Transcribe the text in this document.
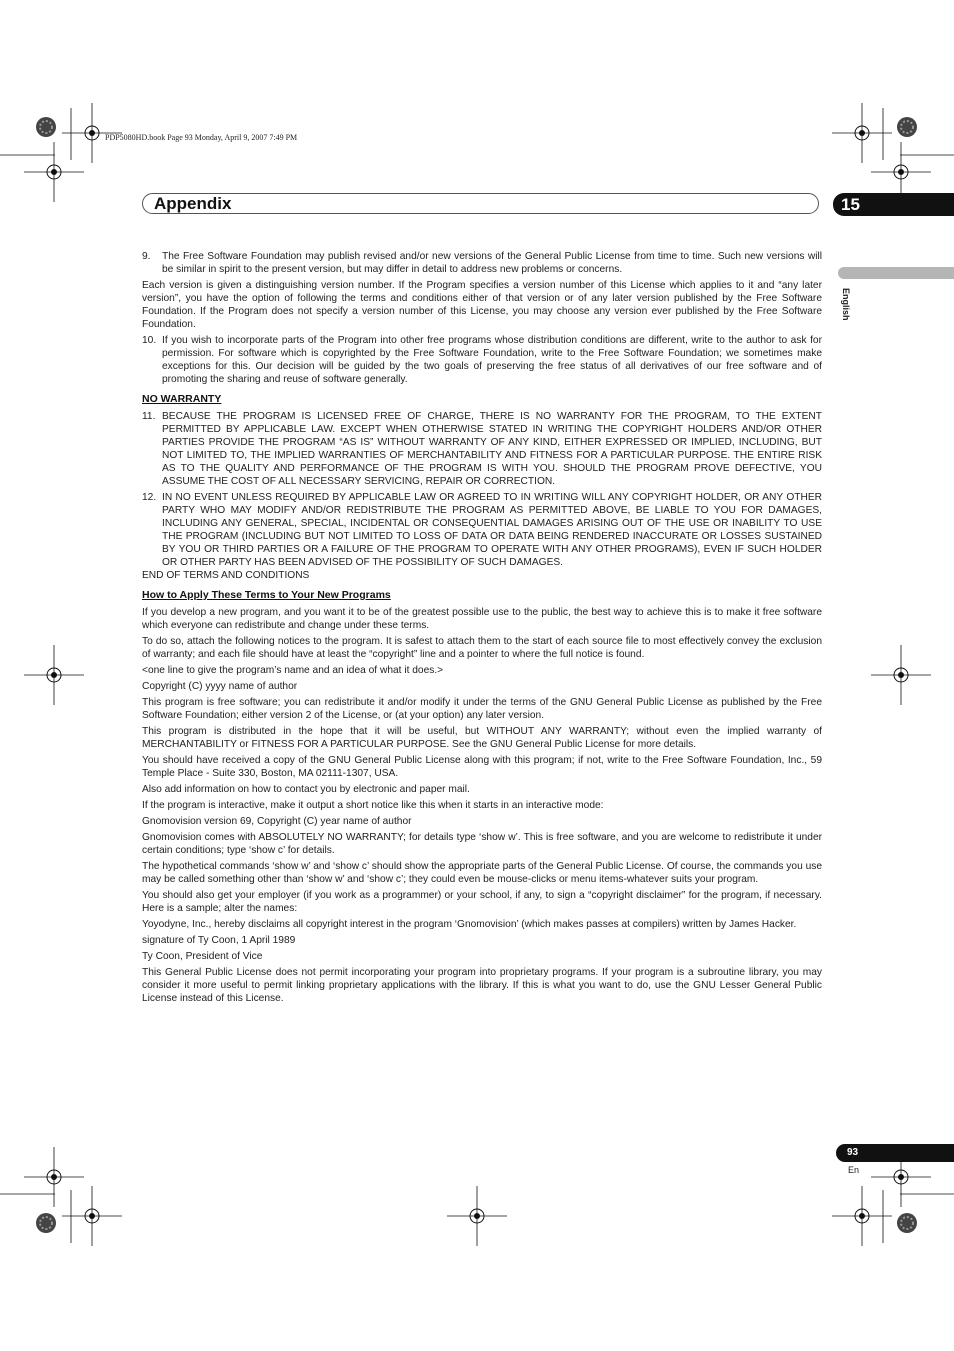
PDP5080HD.book Page 93 Monday, April 9, 2007 7:49 PM
Appendix	15
English
93
En
9.	The Free Software Foundation may publish revised and/or new versions of the General Public License from time to time. Such new versions will be similar in spirit to the present version, but may differ in detail to address new problems or concerns.

Each version is given a distinguishing version number. If the Program specifies a version number of this License which applies to it and “any later version”, you have the option of following the terms and conditions either of that version or of any later version published by the Free Software Foundation. If the Program does not specify a version number of this License, you may choose any version ever published by the Free Software Foundation.

10. If you wish to incorporate parts of the Program into other free programs whose distribution conditions are different, write to the author to ask for permission. For software which is copyrighted by the Free Software Foundation, write to the Free Software Foundation; we sometimes make exceptions for this. Our decision will be guided by the two goals of preserving the free status of all derivatives of our free software and of promoting the sharing and reuse of software generally.
NO WARRANTY
11. BECAUSE THE PROGRAM IS LICENSED FREE OF CHARGE, THERE IS NO WARRANTY FOR THE PROGRAM, TO THE EXTENT PERMITTED BY APPLICABLE LAW. EXCEPT WHEN OTHERWISE STATED IN WRITING THE COPYRIGHT HOLDERS AND/OR OTHER PARTIES PROVIDE THE PROGRAM “AS IS” WITHOUT WARRANTY OF ANY KIND, EITHER EXPRESSED OR IMPLIED, INCLUDING, BUT NOT LIMITED TO, THE IMPLIED WARRANTIES OF MERCHANTABILITY AND FITNESS FOR A PARTICULAR PURPOSE. THE ENTIRE RISK AS TO THE QUALITY AND PERFORMANCE OF THE PROGRAM IS WITH YOU. SHOULD THE PROGRAM PROVE DEFECTIVE, YOU ASSUME THE COST OF ALL NECESSARY SERVICING, REPAIR OR CORRECTION.
12. IN NO EVENT UNLESS REQUIRED BY APPLICABLE LAW OR AGREED TO IN WRITING WILL ANY COPYRIGHT HOLDER, OR ANY OTHER PARTY WHO MAY MODIFY AND/OR REDISTRIBUTE THE PROGRAM AS PERMITTED ABOVE, BE LIABLE TO YOU FOR DAMAGES, INCLUDING ANY GENERAL, SPECIAL, INCIDENTAL OR CONSEQUENTIAL DAMAGES ARISING OUT OF THE USE OR INABILITY TO USE THE PROGRAM (INCLUDING BUT NOT LIMITED TO LOSS OF DATA OR DATA BEING RENDERED INACCURATE OR LOSSES SUSTAINED BY YOU OR THIRD PARTIES OR A FAILURE OF THE PROGRAM TO OPERATE WITH ANY OTHER PROGRAMS), EVEN IF SUCH HOLDER OR OTHER PARTY HAS BEEN ADVISED OF THE POSSIBILITY OF SUCH DAMAGES.

END OF TERMS AND CONDITIONS

How to Apply These Terms to Your New Programs

If you develop a new program, and you want it to be of the greatest possible use to the public, the best way to achieve this is to make it free software which everyone can redistribute and change under these terms.

To do so, attach the following notices to the program. It is safest to attach them to the start of each source file to most effectively convey the exclusion of warranty; and each file should have at least the “copyright” line and a pointer to where the full notice is found.

<one line to give the program’s name and an idea of what it does.>

Copyright (C) yyyy name of author

This program is free software; you can redistribute it and/or modify it under the terms of the GNU General Public License as published by the Free Software Foundation; either version 2 of the License, or (at your option) any later version.

This program is distributed in the hope that it will be useful, but WITHOUT ANY WARRANTY; without even the implied warranty of MERCHANTABILITY or FITNESS FOR A PARTICULAR PURPOSE. See the GNU General Public License for more details.

You should have received a copy of the GNU General Public License along with this program; if not, write to the Free Software Foundation, Inc., 59 Temple Place - Suite 330, Boston, MA 02111-1307, USA.

Also add information on how to contact you by electronic and paper mail.

If the program is interactive, make it output a short notice like this when it starts in an interactive mode:

Gnomovision version 69, Copyright (C) year name of author

Gnomovision comes with ABSOLUTELY NO WARRANTY; for details type ‘show w’. This is free software, and you are welcome to redistribute it under certain conditions; type ‘show c’ for details.

The hypothetical commands ‘show w’ and ‘show c’ should show the appropriate parts of the General Public License. Of course, the commands you use may be called something other than ‘show w’ and ‘show c’; they could even be mouse-clicks or menu items-whatever suits your program.

You should also get your employer (if you work as a programmer) or your school, if any, to sign a “copyright disclaimer” for the program, if necessary. Here is a sample; alter the names:

Yoyodyne, Inc., hereby disclaims all copyright interest in the program ‘Gnomovision’ (which makes passes at compilers) written by James Hacker.

signature of Ty Coon, 1 April 1989

Ty Coon, President of Vice

This General Public License does not permit incorporating your program into proprietary programs. If your program is a subroutine library, you may consider it more useful to permit linking proprietary applications with the library. If this is what you want to do, use the GNU Lesser General Public License instead of this License.
